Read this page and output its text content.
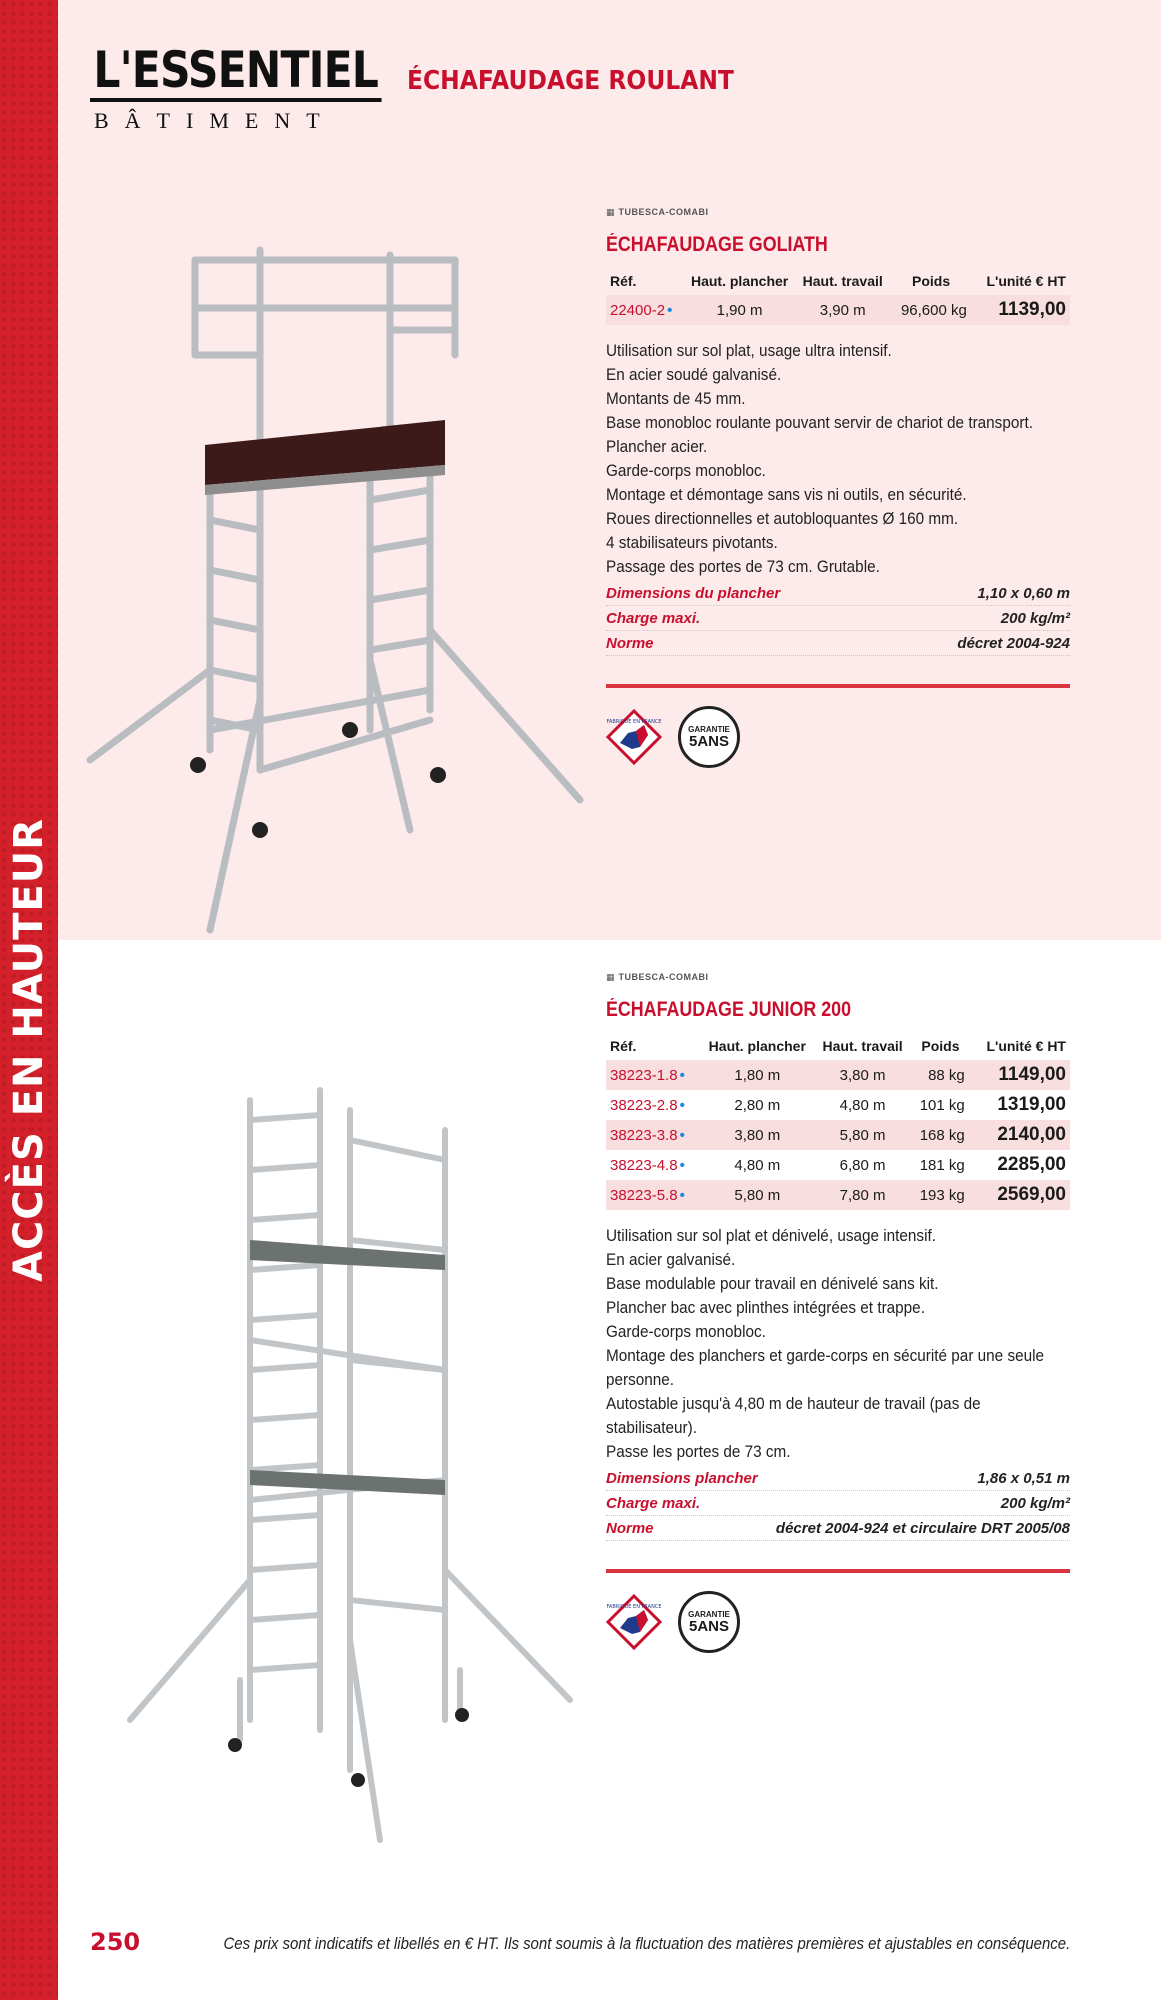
ACCÈS EN HAUTEUR
L'ESSENTIEL
BÂTIMENT
ÉCHAFAUDAGE ROULANT
▦ TUBESCA-COMABI
ÉCHAFAUDAGE GOLIATH
Réf.	Haut. plancher	Haut. travail	Poids	L'unité € HT
22400-2 •	1,90 m	3,90 m	96,600 kg	1139,00

Utilisation sur sol plat, usage ultra intensif.

En acier soudé galvanisé.

Montants de 45 mm.

Base monobloc roulante pouvant servir de chariot de transport.

Plancher acier.

Garde-corps monobloc.

Montage et démontage sans vis ni outils, en sécurité.

Roues directionnelles et autobloquantes Ø 160 mm.

4 stabilisateurs pivotants.

Passage des portes de 73 cm. Grutable.

Dimensions du plancher	1,10 x 0,60 m
Charge maxi.	200 kg/m²
Norme	décret 2004-924
FABRIQUÉ EN FRANCE
GARANTIE
5ANS
▦ TUBESCA-COMABI
ÉCHAFAUDAGE JUNIOR 200
Réf.	Haut. plancher	Haut. travail	Poids	L'unité € HT
38223-1.8 •	1,80 m	3,80 m	88 kg	1149,00
38223-2.8 •	2,80 m	4,80 m	101 kg	1319,00
38223-3.8 •	3,80 m	5,80 m	168 kg	2140,00
38223-4.8 •	4,80 m	6,80 m	181 kg	2285,00
38223-5.8 •	5,80 m	7,80 m	193 kg	2569,00

Utilisation sur sol plat et dénivelé, usage intensif.

En acier galvanisé.

Base modulable pour travail en dénivelé sans kit.

Plancher bac avec plinthes intégrées et trappe.

Garde-corps monobloc.

Montage des planchers et garde-corps en sécurité par une seule personne.

Autostable jusqu'à 4,80 m de hauteur de travail (pas de stabilisateur).

Passe les portes de 73 cm.

Dimensions plancher	1,86 x 0,51 m
Charge maxi.	200 kg/m²
Norme	décret 2004-924 et circulaire DRT 2005/08
FABRIQUÉ EN FRANCE
GARANTIE
5ANS
250	Ces prix sont indicatifs et libellés en € HT. Ils sont soumis à la fluctuation des matières premières et ajustables en conséquence.
